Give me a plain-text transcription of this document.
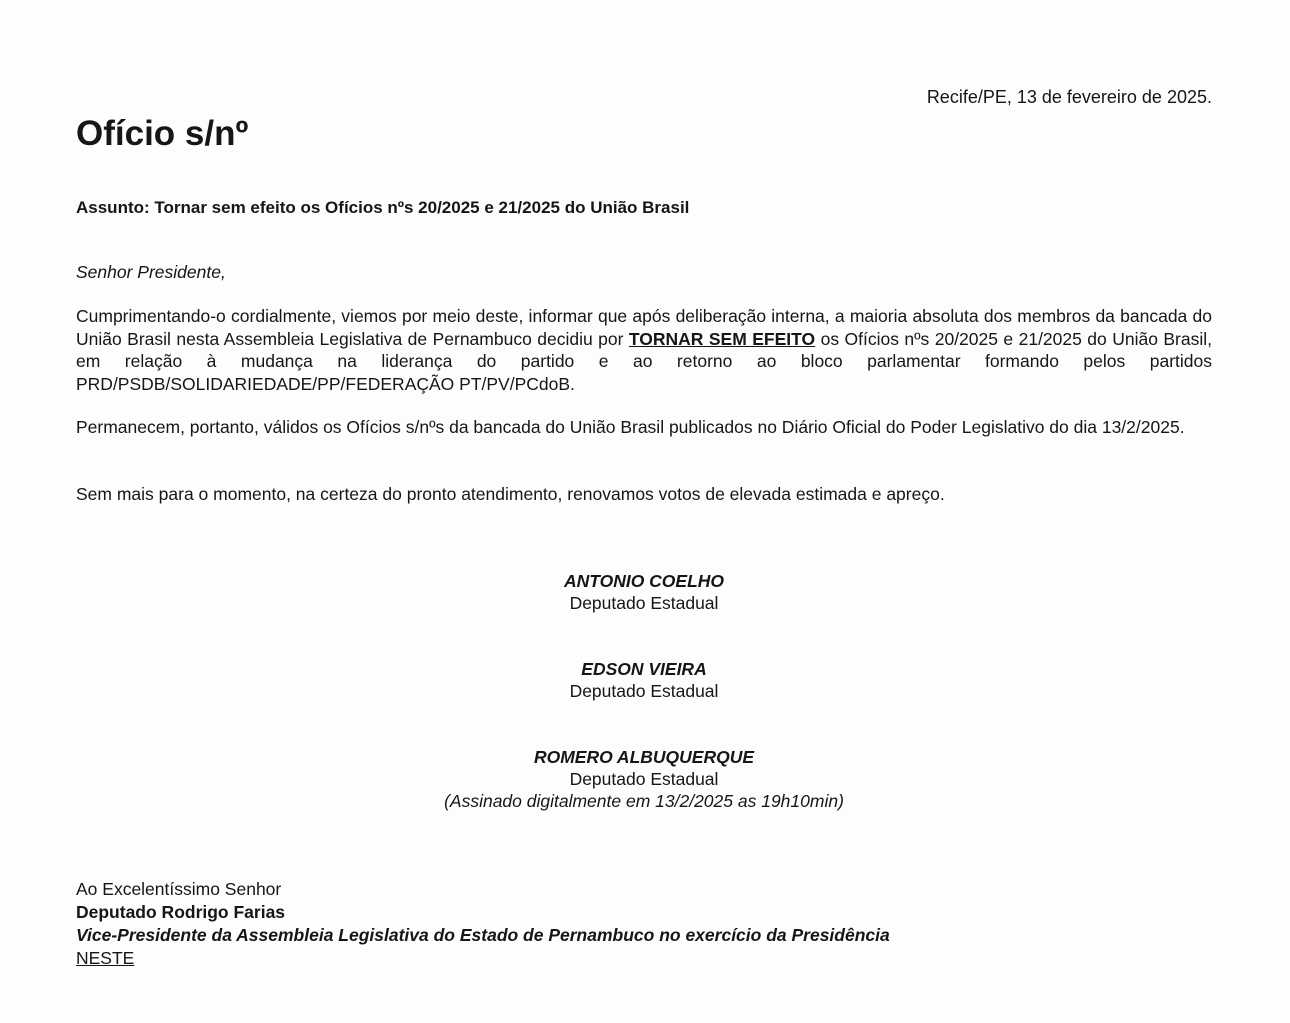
Recife/PE, 13 de fevereiro de 2025.
Ofício s/nº
Assunto: Tornar sem efeito os Ofícios nºs 20/2025 e 21/2025 do União Brasil
Senhor Presidente,

Cumprimentando-o cordialmente, viemos por meio deste, informar que após deliberação interna, a maioria absoluta dos membros da bancada do União Brasil nesta Assembleia Legislativa de Pernambuco decidiu por TORNAR SEM EFEITO os Ofícios nºs 20/2025 e 21/2025 do União Brasil, em relação à mudança na liderança do partido e ao retorno ao bloco parlamentar formando pelos partidos PRD/PSDB/SOLIDARIEDADE/PP/FEDERAÇÃO PT/PV/PCdoB.

Permanecem, portanto, válidos os Ofícios s/nºs da bancada do União Brasil publicados no Diário Oficial do Poder Legislativo do dia 13/2/2025.

Sem mais para o momento, na certeza do pronto atendimento, renovamos votos de elevada estimada e apreço.

ANTONIO COELHO
Deputado Estadual
EDSON VIEIRA
Deputado Estadual
ROMERO ALBUQUERQUE
Deputado Estadual
(Assinado digitalmente em 13/2/2025 as 19h10min)
Ao Excelentíssimo Senhor
Deputado Rodrigo Farias
Vice-Presidente da Assembleia Legislativa do Estado de Pernambuco no exercício da Presidência
NESTE
